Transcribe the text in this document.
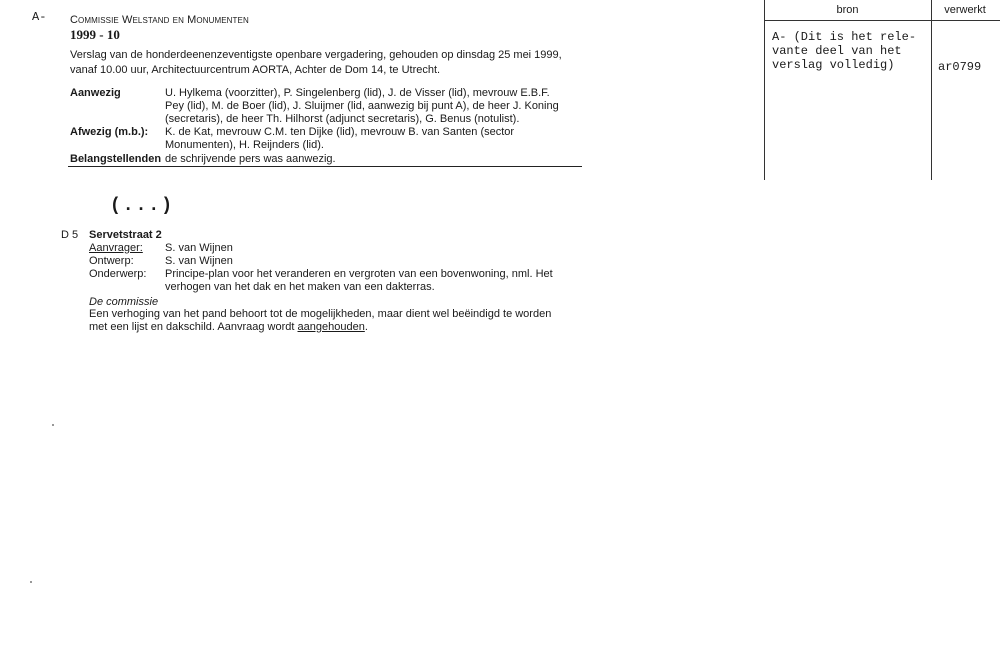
A- Commissie Welstand en Monumenten
1999 - 10
Verslag van de honderdeenenzeventigste openbare vergadering, gehouden op dinsdag 25 mei 1999,
vanaf 10.00 uur, Architectuurcentrum AORTA, Achter de Dom 14, te Utrecht.
Aanwezig	U. Hylkema (voorzitter), P. Singelenberg (lid), J. de Visser (lid), mevrouw E.B.F.
Pey (lid), M. de Boer (lid), J. Sluijmer (lid, aanwezig bij punt A), de heer J. Koning
(secretaris), de heer Th. Hilhorst (adjunct secretaris), G. Benus (notulist).
Afwezig (m.b.): K. de Kat, mevrouw C.M. ten Dijke (lid), mevrouw B. van Santen (sector
Monumenten), H. Reijnders (lid).
Belangstellenden de schrijvende pers was aanwezig.
(...)
D 5 Servetstraat 2
Aanvrager: S. van Wijnen
Ontwerp:	S. van Wijnen
Onderwerp: Principe-plan voor het veranderen en vergroten van een bovenwoning, nml. Het
verhogen van het dak en het maken van een dakterras.
De commissie
Een verhoging van het pand behoort tot de mogelijkheden, maar dient wel beëindigd te worden
met een lijst en dakschild. Aanvraag wordt aangehouden.
bron	verwerkt
A- (Dit is het rele-
vante deel van het
verslag volledig)	ar0799
